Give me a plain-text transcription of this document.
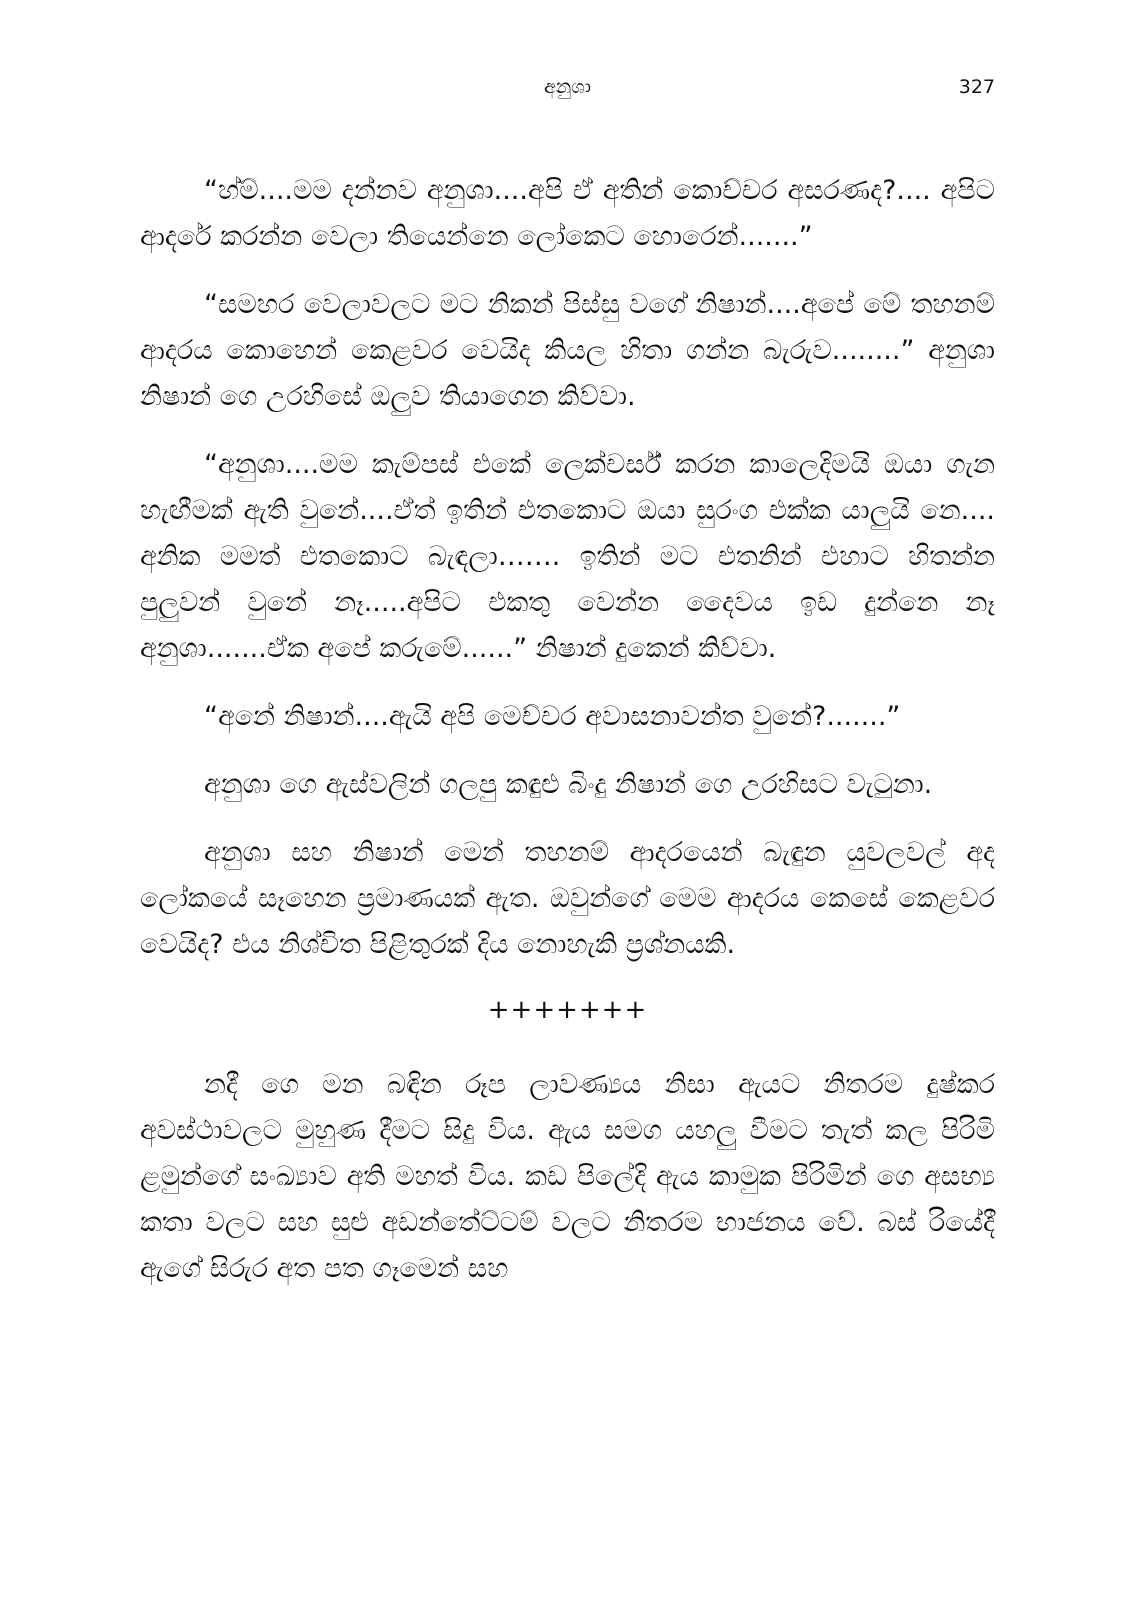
අනුශා	327

“හ්ම්....මම දන්නව අනුශා....අපි ඒ අතින් කොච්චර අසරණද?.... අපිට ආදරේ කරන්න වෙලා තියෙන්නෙ ලෝකෙට හොරෙන්.......”

“සමහර වෙලාවලට මට නිකන් පිස්සු වගේ නිෂාන්....අපේ මේ තහනම් ආදරය කොහෙන් කෙළවර වෙයිද කියල හිතා ගන්න බැරුව........” අනුශා නිෂාන් ගෙ උරහිසේ ඔලුව තියාගෙන කිව්වා.

“අනුශා....මම කැම්පස් එකේ ලෙක්චර්ස් කරන කාලෙදිමයි ඔයා ගැන හැඟීමක් ඇති වුනේ....ඒත් ඉතින් එතකොට ඔයා සුරංග එක්ක යාලුයි නෙ.... අනික මමත් එතකොට බැඳලා……. ඉතින් මට එතනින් එහාට හිතන්න පුලුවන් වුනේ නෑ.....අපිට එකතු වෙන්න දෛවය ඉඩ දුන්නෙ නෑ අනුශා.......ඒක අපේ කරුමේ......” නිෂාන් දුකෙන් කිව්වා.

“අනේ නිෂාන්....ඇයි අපි මෙච්චර අවාසනාවන්ත වුනේ?.......”

අනුශා ගෙ ඇස්වලින් ගලපු කඳුළු බිංදු නිෂාන් ගෙ උරහිසට වැටුනා.

අනුශා සහ නිෂාන් මෙන් තහනම් ආදරයෙන් බැඳුන යුවලවල් අද ලෝකයේ සෑහෙන ප්‍රමාණයක් ඇත. ඔවුන්ගේ මෙම ආදරය කෙසේ කෙළවර වෙයිද? එය නිශ්චිත පිළිතුරක් දිය නොහැකි ප්‍රශ්නයකි.

+++++++

නදී ගෙ මන බඳින රූප ලාවණ්‍යය නිසා ඇයට නිතරම දුෂ්කර අවස්ථාවලට මුහුණ දීමට සිදු විය. ඇය සමග යහලු වීමට තැත් කල පිරිමි ළමුන්ගේ සංඛ්‍යාව අති මහත් විය. කඩ පිලේදි ඇය කාමුක පිරිමින් ගෙ අසභ්‍ය කතා වලට සහ සුළු අඩන්තේට්ටම් වලට නිතරම භාජනය වේ. බස් රියේදී ඇගේ සිරුර අත පත ගෑමෙන් සහ
